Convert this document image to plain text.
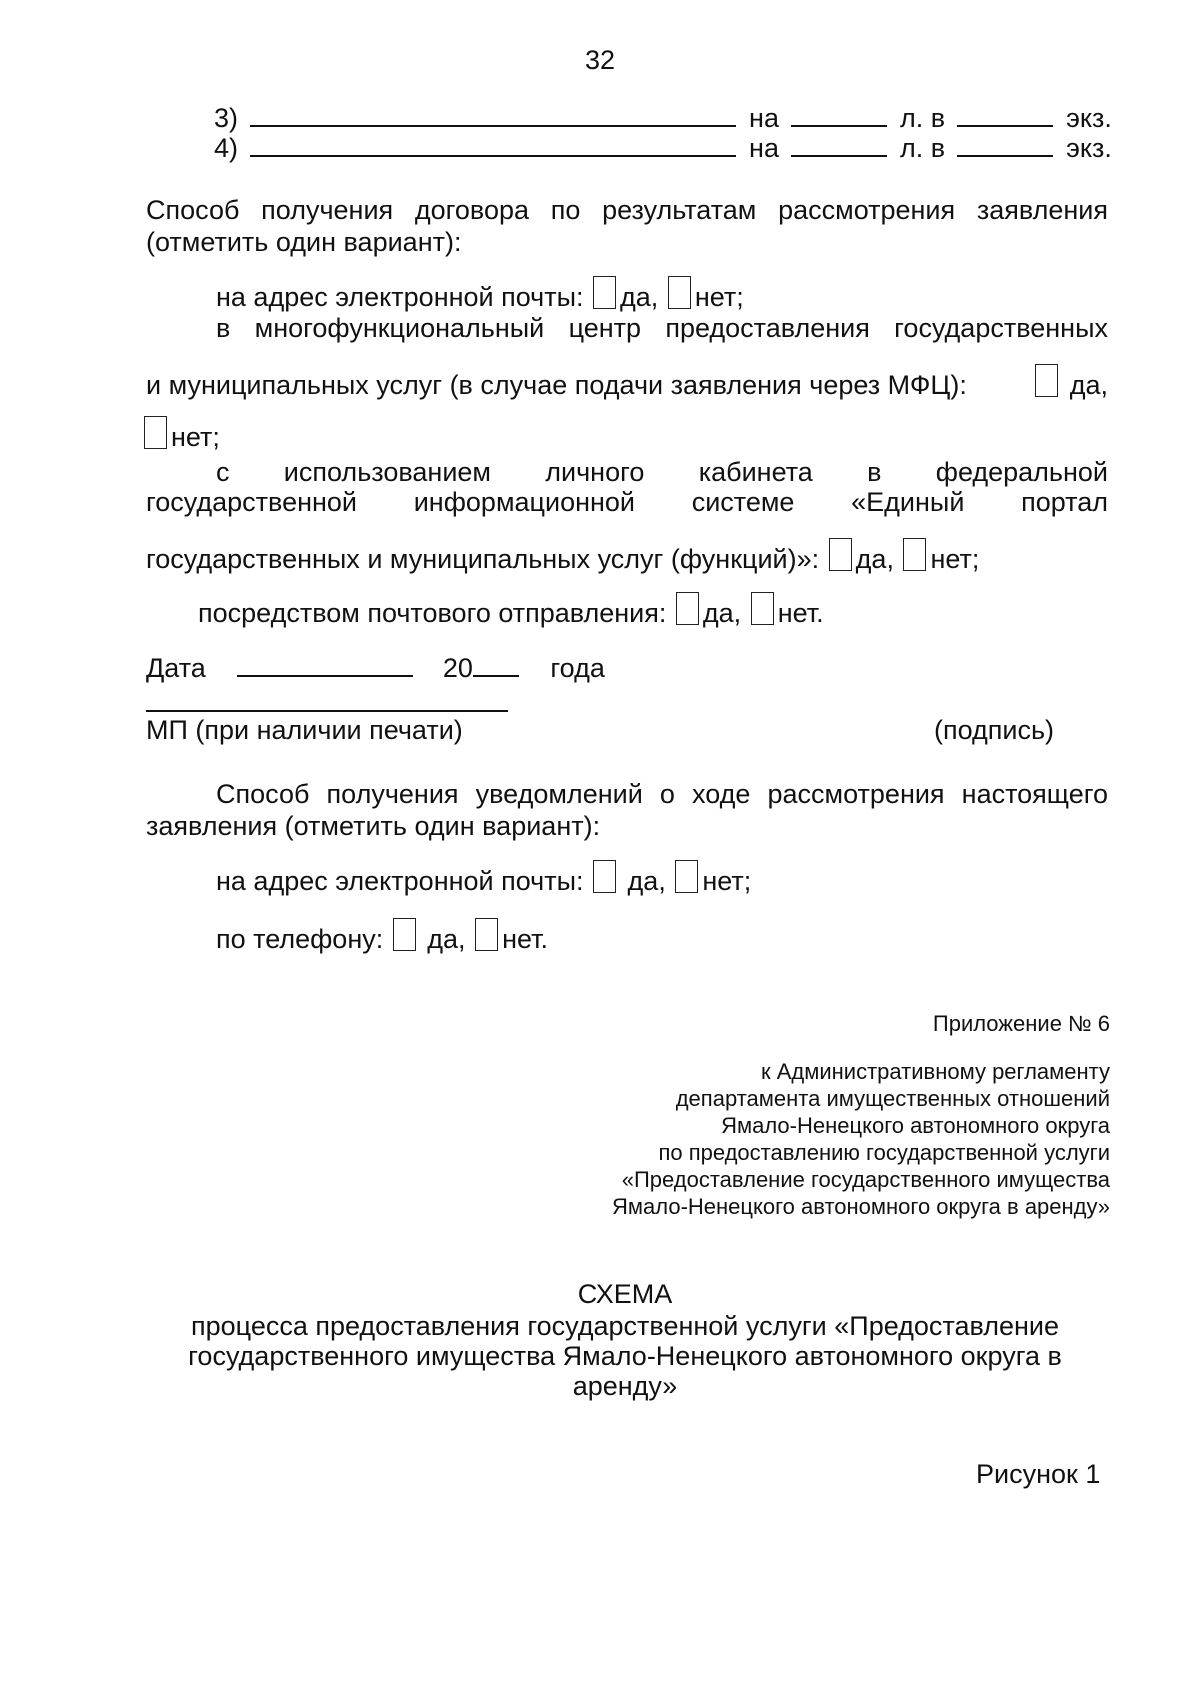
32
3)	на	л. в	экз.
4)	на	л. в	экз.
Способ получения договора по результатам рассмотрения заявления
(отметить один вариант):
на адрес электронной почты: да, нет;
в многофункциональный центр предоставления государственных
и муниципальных услуг (в случае подачи заявления через МФЦ):	да,
нет;
с использованием личного кабинета в федеральной
государственной информационной системе «Единый портал
государственных и муниципальных услуг (функций)»: да, нет;
посредством почтового отправления: да, нет.
Дата	20	года
МП (при наличии печати)	(подпись)
Способ получения уведомлений о ходе рассмотрения настоящего
заявления (отметить один вариант):
на адрес электронной почты: да, нет;
по телефону: да, нет.
Приложение № 6
к Административному регламенту
департамента имущественных отношений
Ямало-Ненецкого автономного округа
по предоставлению государственной услуги
«Предоставление государственного имущества
Ямало-Ненецкого автономного округа в аренду»
СХЕМА
процесса предоставления государственной услуги «Предоставление
государственного имущества Ямало-Ненецкого автономного округа в
аренду»
Рисунок 1
